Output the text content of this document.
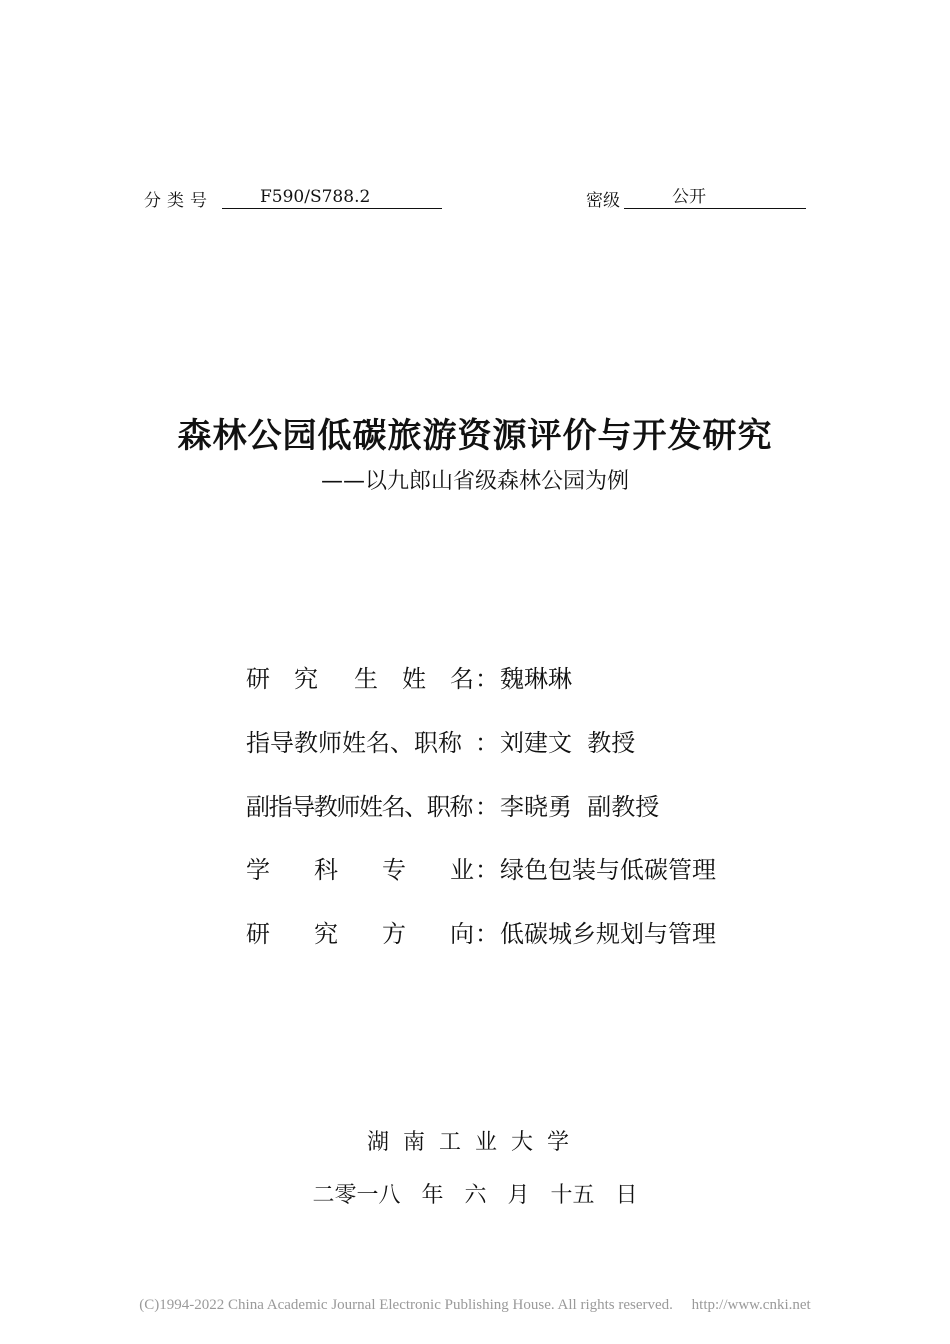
分类号	F590/S788.2	密级	公开
森林公园低碳旅游资源评价与开发研究
——以九郎山省级森林公园为例
研 究 生 姓 名 ： 魏琳琳
指导教师姓名、职称 ： 刘建文  教授
副指导教师姓名、职称 ： 李晓勇  副教授
学 科 专 业 ： 绿色包装与低碳管理
研 究 方 向 ： 低碳城乡规划与管理
湖南工业大学
二零一八   年   六   月   十五   日
(C)1994-2022 China Academic Journal Electronic Publishing House. All rights reserved.     http://www.cnki.net
